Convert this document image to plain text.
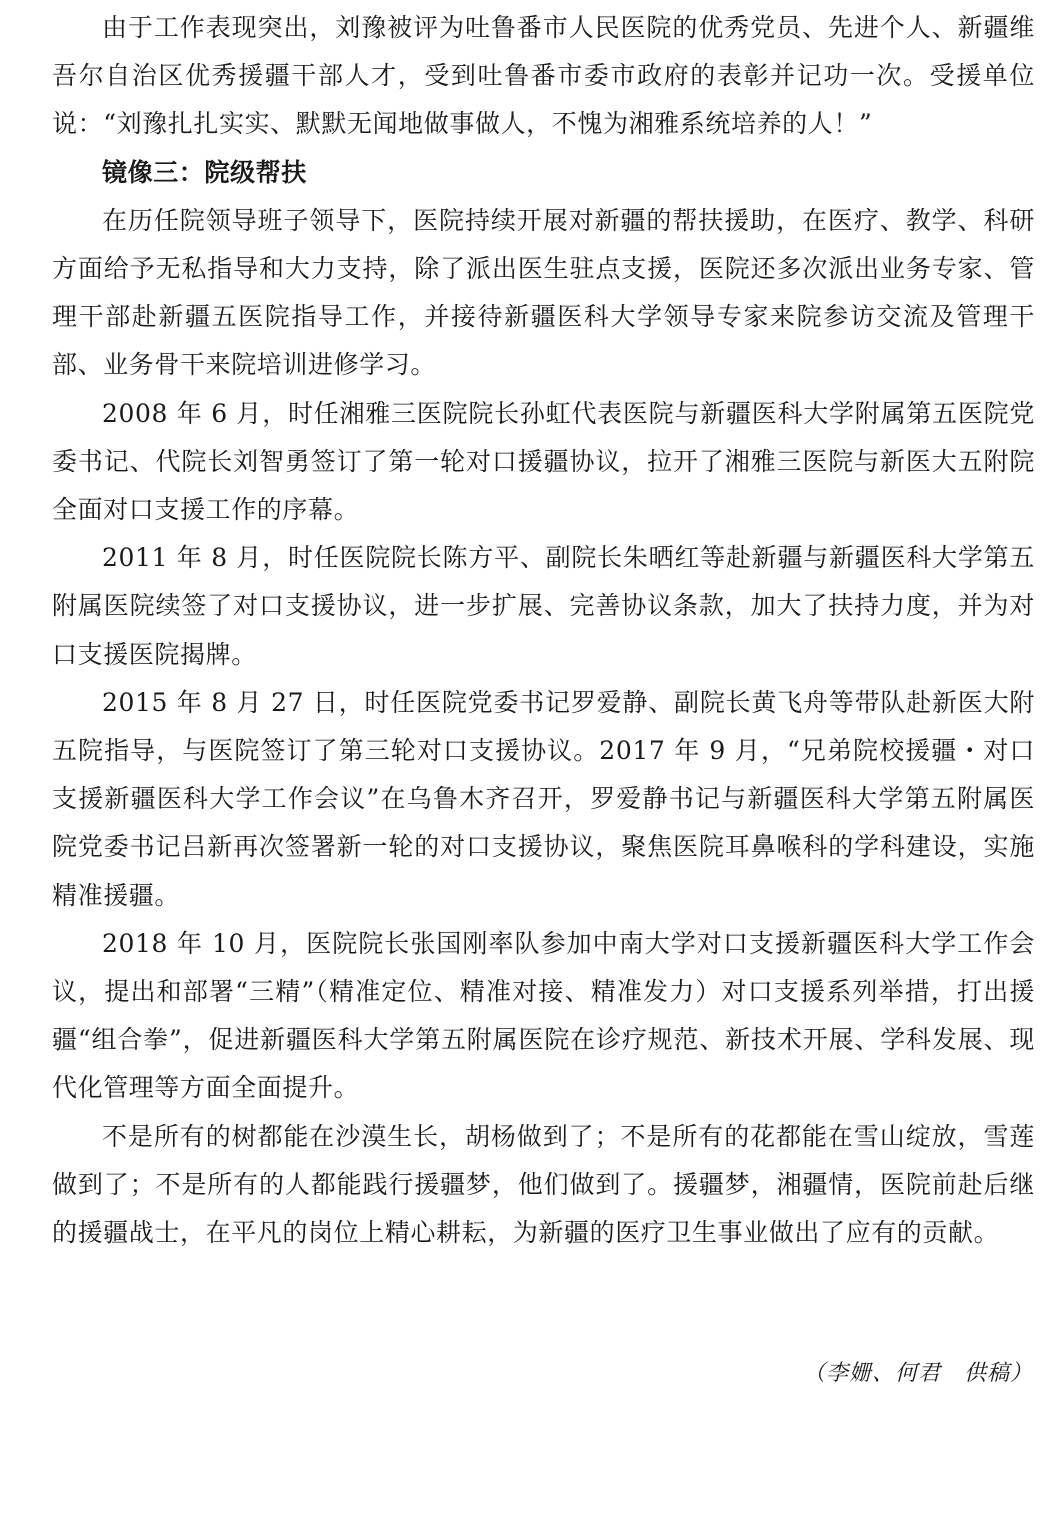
由于工作表现突出，刘豫被评为吐鲁番市人民医院的优秀党员、先进个人、新疆维吾尔自治区优秀援疆干部人才，受到吐鲁番市委市政府的表彰并记功一次。受援单位说：“刘豫扎扎实实、默默无闻地做事做人，不愧为湘雅系统培养的人！”

镜像三：院级帮扶

在历任院领导班子领导下，医院持续开展对新疆的帮扶援助，在医疗、教学、科研方面给予无私指导和大力支持，除了派出医生驻点支援，医院还多次派出业务专家、管理干部赴新疆五医院指导工作，并接待新疆医科大学领导专家来院参访交流及管理干部、业务骨干来院培训进修学习。

2008 年 6 月，时任湘雅三医院院长孙虹代表医院与新疆医科大学附属第五医院党委书记、代院长刘智勇签订了第一轮对口援疆协议，拉开了湘雅三医院与新医大五附院全面对口支援工作的序幕。

2011 年 8 月，时任医院院长陈方平、副院长朱晒红等赴新疆与新疆医科大学第五附属医院续签了对口支援协议，进一步扩展、完善协议条款，加大了扶持力度，并为对口支援医院揭牌。

2015 年 8 月 27 日，时任医院党委书记罗爱静、副院长黄飞舟等带队赴新医大附五院指导，与医院签订了第三轮对口支援协议。2017 年 9 月，“兄弟院校援疆・对口支援新疆医科大学工作会议”在乌鲁木齐召开，罗爱静书记与新疆医科大学第五附属医院党委书记吕新再次签署新一轮的对口支援协议，聚焦医院耳鼻喉科的学科建设，实施精准援疆。

2018 年 10 月，医院院长张国刚率队参加中南大学对口支援新疆医科大学工作会议，提出和部署“三精”（精准定位、精准对接、精准发力）对口支援系列举措，打出援疆“组合拳”，促进新疆医科大学第五附属医院在诊疗规范、新技术开展、学科发展、现代化管理等方面全面提升。

不是所有的树都能在沙漠生长，胡杨做到了；不是所有的花都能在雪山绽放，雪莲做到了；不是所有的人都能践行援疆梦，他们做到了。援疆梦，湘疆情，医院前赴后继的援疆战士，在平凡的岗位上精心耕耘，为新疆的医疗卫生事业做出了应有的贡献。

（李姗、何君　供稿）
